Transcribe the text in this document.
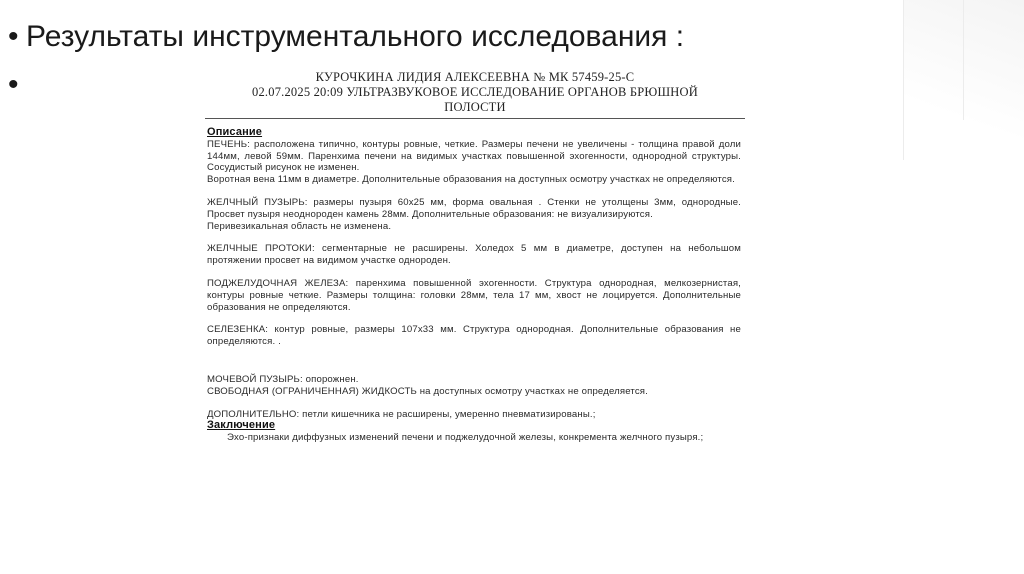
• Результаты инструментального исследования :
•	КУРОЧКИНА ЛИДИЯ АЛЕКСЕЕВНА № МК 57459-25-С
02.07.2025 20:09 УЛЬТРАЗВУКОВОЕ ИССЛЕДОВАНИЕ ОРГАНОВ БРЮШНОЙ
ПОЛОСТИ
Описание

ПЕЧЕНЬ: расположена типично, контуры ровные, четкие. Размеры печени не увеличены - толщина правой доли 144мм, левой 59мм. Паренхима печени на видимых участках повышенной эхогенности, однородной структуры. Сосудистый рисунок не изменен.

Воротная вена 11мм в диаметре. Дополнительные образования на доступных осмотру участках не определяются.

ЖЕЛЧНЫЙ ПУЗЫРЬ: размеры пузыря 60х25 мм, форма овальная . Стенки не утолщены 3мм, однородные. Просвет пузыря неоднороден камень 28мм. Дополнительные образования: не визуализируются.

Перивезикальная область не изменена.

ЖЕЛЧНЫЕ ПРОТОКИ: сегментарные не расширены. Холедох 5 мм в диаметре, доступен на небольшом протяжении просвет на видимом участке однороден.

ПОДЖЕЛУДОЧНАЯ ЖЕЛЕЗА: паренхима повышенной эхогенности. Структура однородная, мелкозернистая, контуры ровные четкие. Размеры толщина: головки 28мм, тела 17 мм, хвост не лоцируется. Дополнительные образования не определяются.

СЕЛЕЗЕНКА: контур ровные, размеры 107х33 мм. Структура однородная. Дополнительные образования не определяются. .

МОЧЕВОЙ ПУЗЫРЬ: опорожнен.

СВОБОДНАЯ (ОГРАНИЧЕННАЯ) ЖИДКОСТЬ на доступных осмотру участках не определяется.

ДОПОЛНИТЕЛЬНО: петли кишечника не расширены, умеренно пневматизированы.;

Заключение

Эхо-признаки диффузных изменений печени и поджелудочной железы, конкремента желчного пузыря.;
